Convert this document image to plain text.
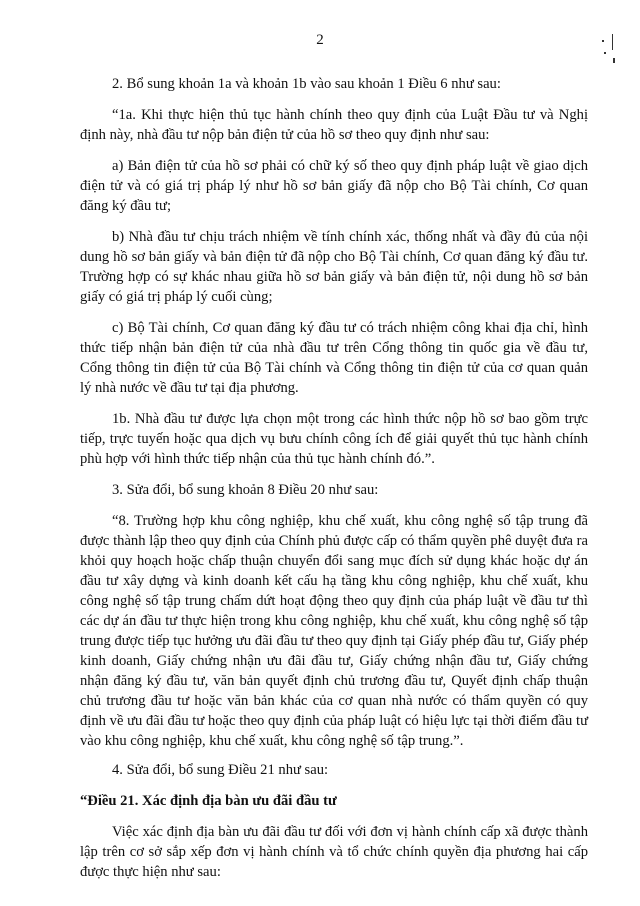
2

2. Bổ sung khoản 1a và khoản 1b vào sau khoản 1 Điều 6 như sau:

“1a. Khi thực hiện thủ tục hành chính theo quy định của Luật Đầu tư và Nghị định này, nhà đầu tư nộp bản điện tử của hồ sơ theo quy định như sau:

a) Bản điện tử của hồ sơ phải có chữ ký số theo quy định pháp luật về giao dịch điện tử và có giá trị pháp lý như hồ sơ bản giấy đã nộp cho Bộ Tài chính, Cơ quan đăng ký đầu tư;

b) Nhà đầu tư chịu trách nhiệm về tính chính xác, thống nhất và đầy đủ của nội dung hồ sơ bản giấy và bản điện tử đã nộp cho Bộ Tài chính, Cơ quan đăng ký đầu tư. Trường hợp có sự khác nhau giữa hồ sơ bản giấy và bản điện tử, nội dung hồ sơ bản giấy có giá trị pháp lý cuối cùng;

c) Bộ Tài chính, Cơ quan đăng ký đầu tư có trách nhiệm công khai địa chỉ, hình thức tiếp nhận bản điện tử của nhà đầu tư trên Cổng thông tin quốc gia về đầu tư, Cổng thông tin điện tử của Bộ Tài chính và Cổng thông tin điện tử của cơ quan quản lý nhà nước về đầu tư tại địa phương.

1b. Nhà đầu tư được lựa chọn một trong các hình thức nộp hồ sơ bao gồm trực tiếp, trực tuyến hoặc qua dịch vụ bưu chính công ích để giải quyết thủ tục hành chính phù hợp với hình thức tiếp nhận của thủ tục hành chính đó.”.

3. Sửa đổi, bổ sung khoản 8 Điều 20 như sau:

“8. Trường hợp khu công nghiệp, khu chế xuất, khu công nghệ số tập trung đã được thành lập theo quy định của Chính phủ được cấp có thẩm quyền phê duyệt đưa ra khỏi quy hoạch hoặc chấp thuận chuyển đổi sang mục đích sử dụng khác hoặc dự án đầu tư xây dựng và kinh doanh kết cấu hạ tầng khu công nghiệp, khu chế xuất, khu công nghệ số tập trung chấm dứt hoạt động theo quy định của pháp luật về đầu tư thì các dự án đầu tư thực hiện trong khu công nghiệp, khu chế xuất, khu công nghệ số tập trung được tiếp tục hưởng ưu đãi đầu tư theo quy định tại Giấy phép đầu tư, Giấy phép kinh doanh, Giấy chứng nhận ưu đãi đầu tư, Giấy chứng nhận đầu tư, Giấy chứng nhận đăng ký đầu tư, văn bản quyết định chủ trương đầu tư, Quyết định chấp thuận chủ trương đầu tư hoặc văn bản khác của cơ quan nhà nước có thẩm quyền có quy định về ưu đãi đầu tư hoặc theo quy định của pháp luật có hiệu lực tại thời điểm đầu tư vào khu công nghiệp, khu chế xuất, khu công nghệ số tập trung.”.

4. Sửa đổi, bổ sung Điều 21 như sau:

“Điều 21. Xác định địa bàn ưu đãi đầu tư

Việc xác định địa bàn ưu đãi đầu tư đối với đơn vị hành chính cấp xã được thành lập trên cơ sở sắp xếp đơn vị hành chính và tổ chức chính quyền địa phương hai cấp được thực hiện như sau:
